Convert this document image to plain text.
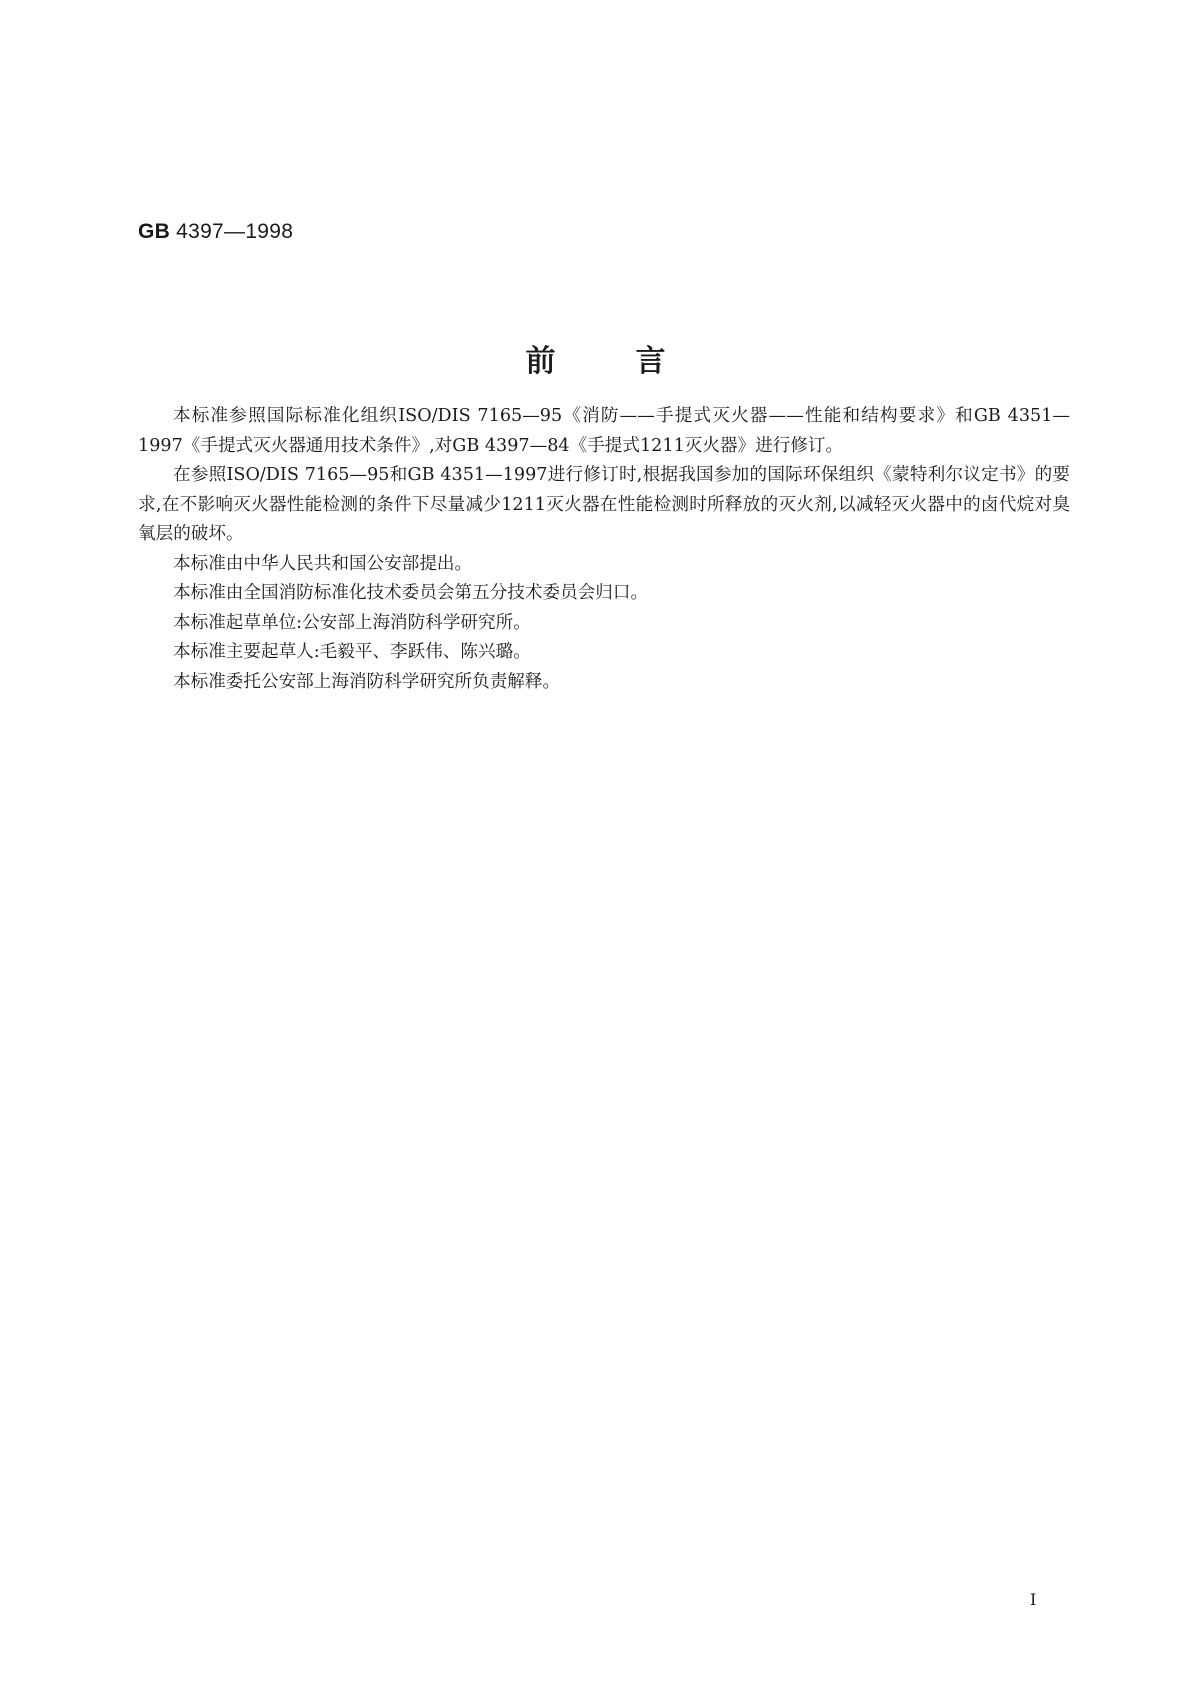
GB 4397—1998
前言

本标准参照国际标准化组织ISO/DIS 7165—95《消防——手提式灭火器——性能和结构要求》和GB 4351—1997《手提式灭火器通用技术条件》,对GB 4397—84《手提式1211灭火器》进行修订。

在参照ISO/DIS 7165—95和GB 4351—1997进行修订时,根据我国参加的国际环保组织《蒙特利尔议定书》的要求,在不影响灭火器性能检测的条件下尽量减少1211灭火器在性能检测时所释放的灭火剂,以减轻灭火器中的卤代烷对臭氧层的破坏。

本标准由中华人民共和国公安部提出。

本标准由全国消防标准化技术委员会第五分技术委员会归口。

本标准起草单位:公安部上海消防科学研究所。

本标准主要起草人:毛毅平、李跃伟、陈兴璐。

本标准委托公安部上海消防科学研究所负责解释。

I
